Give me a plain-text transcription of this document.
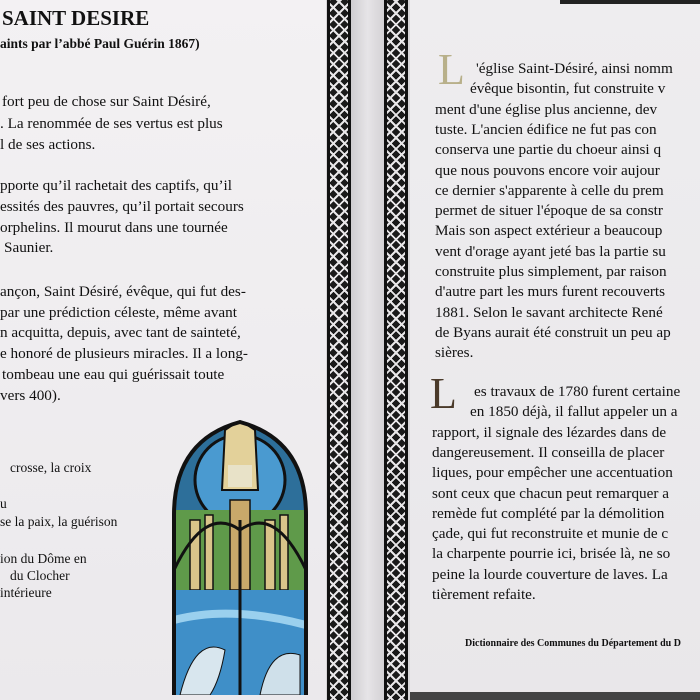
SAINT DESIRE
aints par l’abbé Paul Guérin 1867)
fort peu de chose sur Saint Désiré,
. La renommée de ses vertus est plus
l de ses actions.
pporte qu’il rachetait des captifs, qu’il
essités des pauvres, qu’il portait secours
orphelins. Il mourut dans une tournée
Saunier.
ançon, Saint Désiré, évêque, qui fut des-
par une prédiction céleste, même avant
n acquitta, depuis, avec tant de sainteté,
e honoré de plusieurs miracles. Il a long-
tombeau une eau qui guérissait toute
vers 400).
crosse, la croix
u
se la paix, la guérison
ion du Dôme en
du Clocher
intérieure
L
L
'église Saint-Désiré, ainsi nomm
évêque bisontin, fut construite v
ment d'une église plus ancienne, dev
tuste. L'ancien édifice ne fut pas con
conserva une partie du choeur ainsi q
que nous pouvons encore voir aujour
ce dernier s'apparente à celle du prem
permet de situer l'époque de sa constr
Mais son aspect extérieur a beaucoup
vent d'orage ayant jeté bas la partie su
construite plus simplement, par raison
d'autre part les murs furent recouverts
1881. Selon le savant architecte René
de Byans aurait été construit un peu ap
sières.
es travaux de 1780 furent certaine
en 1850 déjà, il fallut appeler un a
rapport, il signale des lézardes dans de
dangereusement. Il conseilla de placer
liques, pour empêcher une accentuation
sont ceux que chacun peut remarquer a
remède fut complété par la démolition
çade, qui fut reconstruite et munie de c
la charpente pourrie ici, brisée là, ne so
peine la lourde couverture de laves. La
tièrement refaite.
Dictionnaire des Communes du Département du D
